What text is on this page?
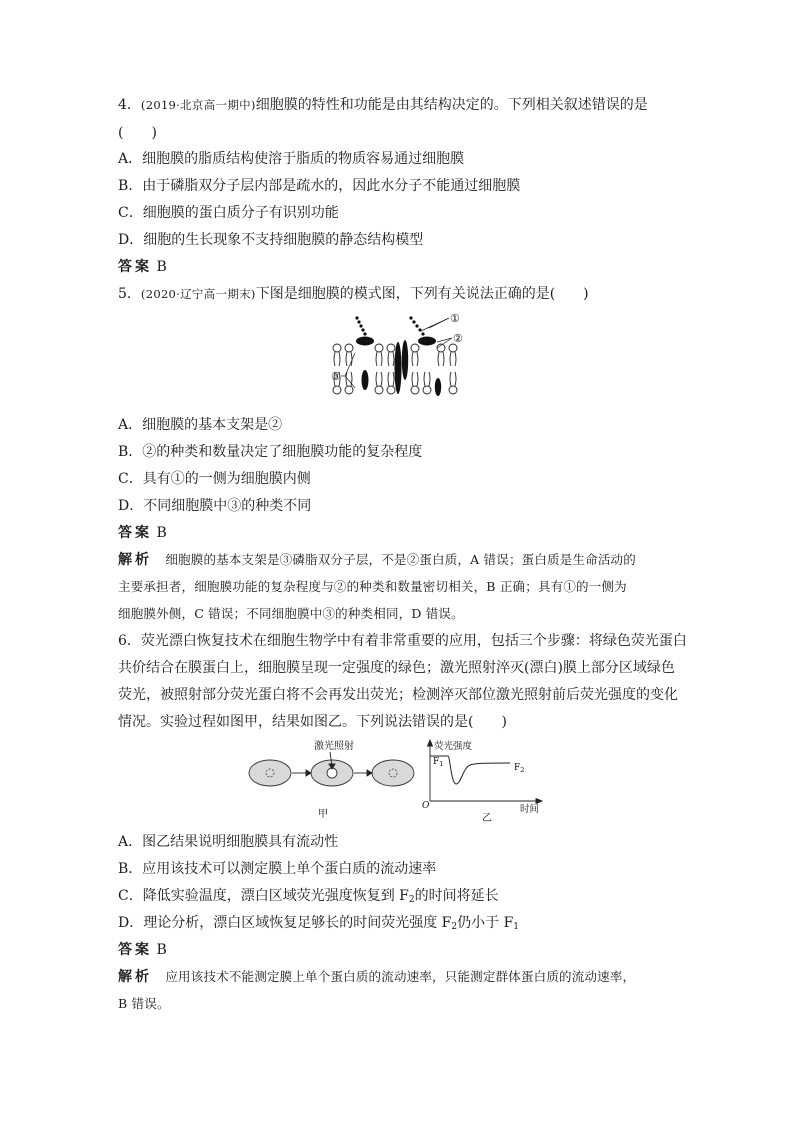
4．(2019·北京高一期中)细胞膜的特性和功能是由其结构决定的。下列相关叙述错误的是
(　　)
A．细胞膜的脂质结构使溶于脂质的物质容易通过细胞膜
B．由于磷脂双分子层内部是疏水的，因此水分子不能通过细胞膜
C．细胞膜的蛋白质分子有识别功能
D．细胞的生长现象不支持细胞膜的静态结构模型
答案 B
5．(2020·辽宁高一期末)下图是细胞膜的模式图，下列有关说法正确的是(　　)
①
②
③
A．细胞膜的基本支架是②
B．②的种类和数量决定了细胞膜功能的复杂程度
C．具有①的一侧为细胞膜内侧
D．不同细胞膜中③的种类不同
答案 B
解析 细胞膜的基本支架是③磷脂双分子层，不是②蛋白质，A 错误；蛋白质是生命活动的
主要承担者，细胞膜功能的复杂程度与②的种类和数量密切相关，B 正确；具有①的一侧为
细胞膜外侧，C 错误；不同细胞膜中③的种类相同，D 错误。
6．荧光漂白恢复技术在细胞生物学中有着非常重要的应用，包括三个步骤：将绿色荧光蛋白
共价结合在膜蛋白上，细胞膜呈现一定强度的绿色；激光照射淬灭(漂白)膜上部分区域绿色
荧光，被照射部分荧光蛋白将不会再发出荧光；检测淬灭部位激光照射前后荧光强度的变化
情况。实验过程如图甲，结果如图乙。下列说法错误的是(　　)
激光照射
甲
荧光强度
$F_1$	$F_2$
O	时间
乙
A．图乙结果说明细胞膜具有流动性
B．应用该技术可以测定膜上单个蛋白质的流动速率
C．降低实验温度，漂白区域荧光强度恢复到 $F_2$的时间将延长
D．理论分析，漂白区域恢复足够长的时间荧光强度 $F_2$仍小于 $F_1$
答案 B
解析 应用该技术不能测定膜上单个蛋白质的流动速率，只能测定群体蛋白质的流动速率，
B 错误。
